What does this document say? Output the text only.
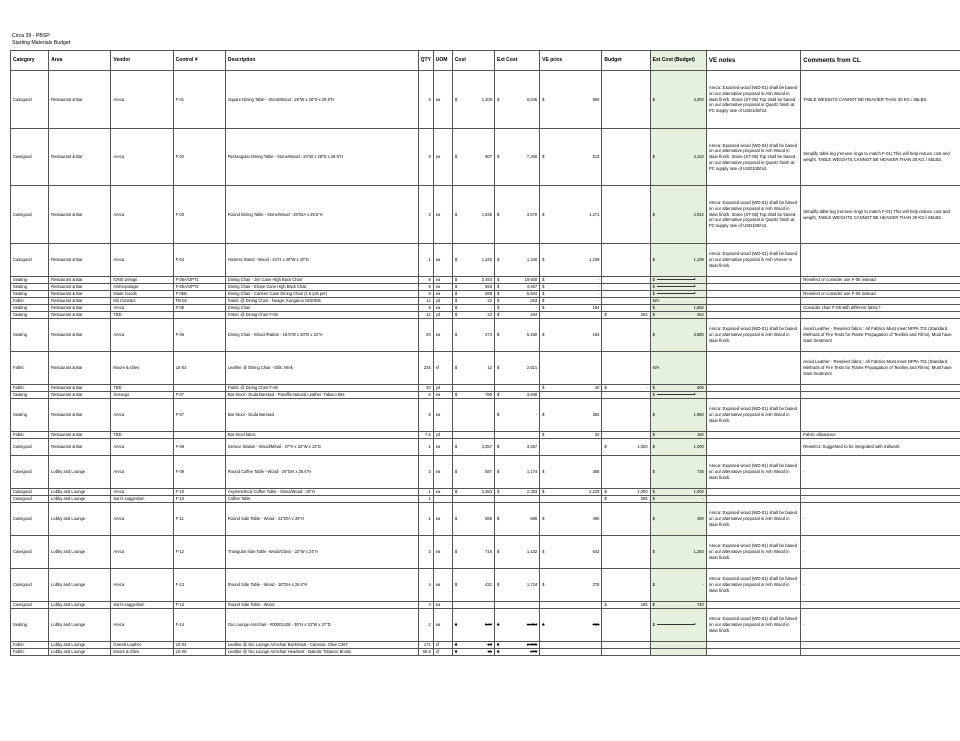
Circa 39 - PBSP
Starting Materials Budget
Category	Area	Vendor	Control #	Description	QTY	UOM	Cost	Ext Cost	VE price	Budget	Ext Cost (Budget)	VE notes	Comments from CL
Casegood	Restaurant & Bar	Areca	F-01	Square Dining Table - Stone/Wood - 28"W x 28"D x 29.5"H	5	ea	$ 1,209	$ 6,045	$ 860		$ 4,300	Areca: Exposed wood (WD-01) shall be based on our alternative proposal in Ash Wood in stain finish. Stone (ST-05) Top shall be based on our alternative proposal in Quartz finish at PC supply rate of USD100/m2.	TABLE WEIGHTS CANNOT BE HEAVIER THAN 30 KG / 65LBS.
Casegood	Restaurant & Bar	Areca	F-02	Rectangular Dining Table - Stone/Wood - 24"W x 28"D x 29.5"H	8	ea	$ 907	$ 7,256	$ 513		$ 4,104	Areca: Exposed wood (WD-01) shall be based on our alternative proposal in Ash Wood in stain finish. Stone (ST-05) Top shall be based on our alternative proposal in Quartz finish at PC supply rate of USD100/m2.	Simplify table leg (remove rings to match F-01) This will help reduce cost and weight. TABLE WEIGHTS CANNOT BE HEAVIER THAN 30 KG / 65LBS.
Casegood	Restaurant & Bar	Areca	F-03	Round Dining Table - Stone/Wood - 28"DIA x 29.5"H	2	ea	$ 1,835	$ 3,670	$ 1,271		$ 2,542	Areca: Exposed wood (WD-01) shall be based on our alternative proposal in Ash Wood in stain finish. Stone (ST-05) Top shall be based on our alternative proposal in Quartz finish at PC supply rate of USD100/m2.	Simplify table leg (remove rings to match F-01) This will help reduce cost and weight. TABLE WEIGHTS CANNOT BE HEAVIER THAN 30 KG / 65LBS.
Casegood	Restaurant & Bar	Areca	F-04	Hostess Stand - Wood - 44"H x 30"W x 20"D	1	ea	$ 1,340	$ 1,340	$ 1,109		$ 1,109	Areca: Exposed wood (WD-01) shall be based on our alternative proposal in Ash Veneer in stain finish.	
Seating	Restaurant & Bar	IONS Design	F-05A/OPT1	Dining Chair - Jim Cane High Back Chair	8	ea	$ 2,450	$ 19,600	$ -		$		Reselect or consider use F-06 instead
Seating	Restaurant & Bar	Anthropologie	F-05A/OPT2	Dining Chair - Eloise Cane High Back Chair	8	ea	$ 558	$ 4,467	$ -		$		
Seating	Restaurant & Bar	Made Goods	F-05B	Dining Chair - Carleen Cane Dining Chair (1.5 yds per)	8	ea	$ 688	$ 5,504	$ -		$		Reselect or consider use F-06 instead
Fabric	Restaurant & Bar	KB Contract	FB-04	Fabric @ Dining Chair - Nuage; Kangaroo NGE006	12	yd	$ 22	$ 263	$ -		N/A		
Seating	Restaurant & Bar	Areca	F-05	Dining Chair	8	ea	$ -	$ -	$ 194		$ 1,552		Consider chair F-06 with different fabric?
Seating	Restaurant & Bar	TBD		Fabric @ Dining Chair F-05	12	yd	$ 22	$ 264		$ 264	$ 264		

Seating	Restaurant & Bar	Areca	F-06	Dining Chair - Wood /Rattan - 18.5"W x 20"D x 34"H	20	ea	$ 273	$ 5,460	$ 194		$ 3,880	Areca: Exposed wood (WD-01) shall be based on our alternative proposal in Ash Wood in stain finish.	Avoid Leather - Reselect fabric : All Fabrics Must meet NFPA 701 (Standard Methods of Fire Tests for Flame Propagation of Textiles and Films). Must have stain treatment
Fabric	Restaurant & Bar	Moore & Giles	LE-02	Leather @ Dining Chair - Ellis: Mink	225	sf	$ 12	$ 2,621			N/A		Avoid Leather - Reselect fabric : All Fabrics Must meet NFPA 701 (Standard Methods of Fire Tests for Flame Propagation of Textiles and Films). Must have stain treatment
Fabric	Restaurant & Bar	TBD		Fabric @ Dining Chair F-06	30	yd			$ 20	$ -	$ 600		

Seating	Restaurant & Bar	Sossego	F-07	Bar Stool - Duda Barstool - Paraffin Natural Leather: Tabaco 894	5	ea	$ 788	$ 3,938			$		
Seating	Restaurant & Bar	Areca	F-07	Bar Stool - Duda Barstool	5	ea		$ -	$ 392		$ 1,960	Areca: Exposed wood (WD-01) shall be based on our alternative proposal in Ash Wood in stain finish.	
Fabric	Restaurant & Bar	TBD		Bar Stool fabric	7.5	yd			$ 20		$ 150		Fabric allowance
Casegood	Restaurant & Bar	Areca	F-08	Service Station - Wood/Metal - 37"H x 32"W x 16"D	1	ea	$ 3,357	$ 3,357		$ 1,000	$ 1,000		Reselect: Suggested to be integrated with millwork
Casegood	Lobby and Lounge	Areca	F-09	Round Coffee Table - Wood - 26"DIA x 25.5"H	2	ea	$ 587	$ 1,174	$ 368		$ 736	Areca: Exposed wood (WD-01) shall be based on our alternative proposal in Ash Wood in stain finish.	-
Casegood	Lobby and Lounge	Areca	F-10	Asymmetrical Coffee Table - Glass/Wood - 26"H	1	ea	$ 2,383	$ 2,383	$ 2,229	$ 1,000	$ 1,000		-
Casegood	Lobby and Lounge	Sari's suggestion	F-10	Coffee Table	1					$ 395	$ -		-
Casegood	Lobby and Lounge	Areca	F-11	Round Side Table - Wood - 22"DIA x 26"H	1	ea	$ 686	$ 686	$ 490		$ 490	Areca: Exposed wood (WD-01) shall be based on our alternative proposal in Ash Wood in stain finish.	-
Casegood	Lobby and Lounge	Areca	F-12	Triangular Side Table -Wood/Glass - 22"W x 24"H	2	ea	$ 716	$ 1,432	$ 642		$ 1,284	Areca: Exposed wood (WD-01) shall be based on our alternative proposal in Ash Wood in stain finish.	-
Casegood	Lobby and Lounge	Areca	F-13	Round Side Table - Wood - 18"DIA x 25.5"H	4	ea	$ 431	$ 1,724	$ 278		$ -	Areca: Exposed wood (WD-01) shall be based on our alternative proposal in Ash Wood in stain finish.	-
Casegood	Lobby and Lounge	Sari's suggestion	F-13	Round Side Table - Wood	4	ea				$ 185	$ 740		-
Seating	Lobby and Lounge	Areca	F-14	Gio Lounge Armchair - #00001428 - 35"H x 33"W x 37"D	2	ea	$ 947	$ 1,894	$ 736		$	Areca: Exposed wood (WD-01) shall be based on our alternative proposal in Ash Wood in stain finish.	-
Fabric	Lobby and Lounge	Garrett Leather	LE-04	Leather @ Gio Lounge Armchair Back/Seat - Caressa: Olive C397	171	sf	$ 18	$ 2,989					-
Fabric	Lobby and Lounge	Moore & Giles	LE-05	Leather @ Gio Lounge Armchair Headrest - Dakota: Tobacco Brown	60.5	sf	$ 11	$ 678					-
